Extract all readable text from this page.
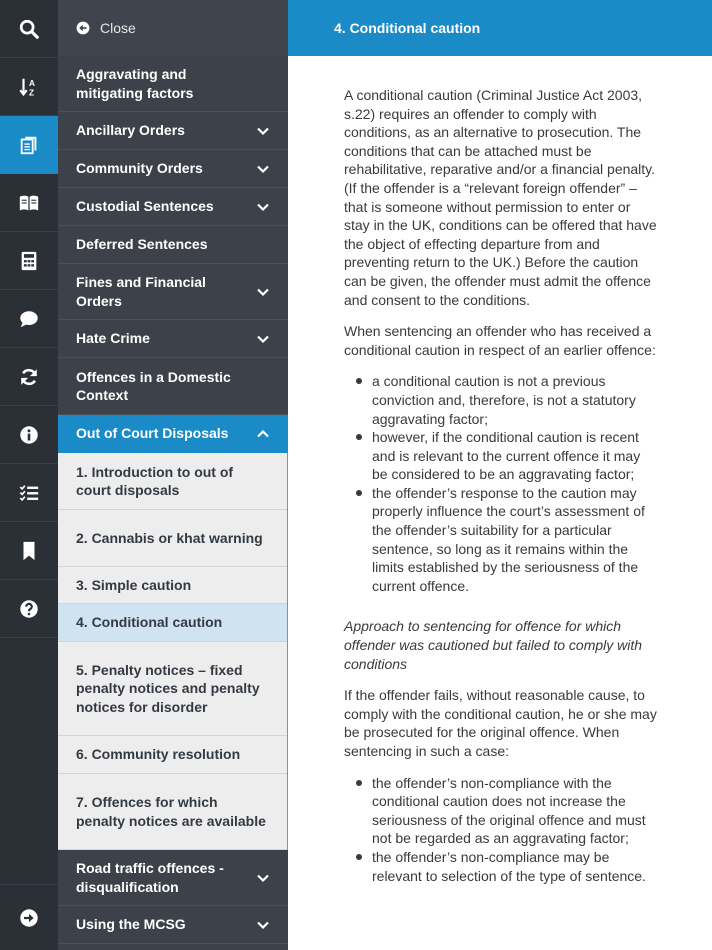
A
Z
Close
Aggravating and mitigating factors
Ancillary Orders
Community Orders
Custodial Sentences
Deferred Sentences
Fines and Financial Orders
Hate Crime
Offences in a Domestic Context
Out of Court Disposals
1. Introduction to out of court disposals
2. Cannabis or khat warning
3. Simple caution
4. Conditional caution
5. Penalty notices – fixed penalty notices and penalty notices for disorder
6. Community resolution
7. Offences for which penalty notices are available
Road traffic offences - disqualification
Using the MCSG
4. Conditional caution

A conditional caution (Criminal Justice Act 2003, s.22) requires an offender to comply with conditions, as an alternative to prosecution. The conditions that can be attached must be rehabilitative, reparative and/or a financial penalty. (If the offender is a “relevant foreign offender” – that is someone without permission to enter or stay in the UK, conditions can be offered that have the object of effecting departure from and preventing return to the UK.) Before the caution can be given, the offender must admit the offence and consent to the conditions.

When sentencing an offender who has received a conditional caution in respect of an earlier offence:

a conditional caution is not a previous conviction and, therefore, is not a statutory aggravating factor;
however, if the conditional caution is recent and is relevant to the current offence it may be considered to be an aggravating factor;
the offender’s response to the caution may properly influence the court’s assessment of the offender’s suitability for a particular sentence, so long as it remains within the limits established by the seriousness of the current offence.

Approach to sentencing for offence for which offender was cautioned but failed to comply with conditions

If the offender fails, without reasonable cause, to comply with the conditional caution, he or she may be prosecuted for the original offence. When sentencing in such a case:

the offender’s non-compliance with the conditional caution does not increase the seriousness of the original offence and must not be regarded as an aggravating factor;
the offender’s non-compliance may be relevant to selection of the type of sentence.
